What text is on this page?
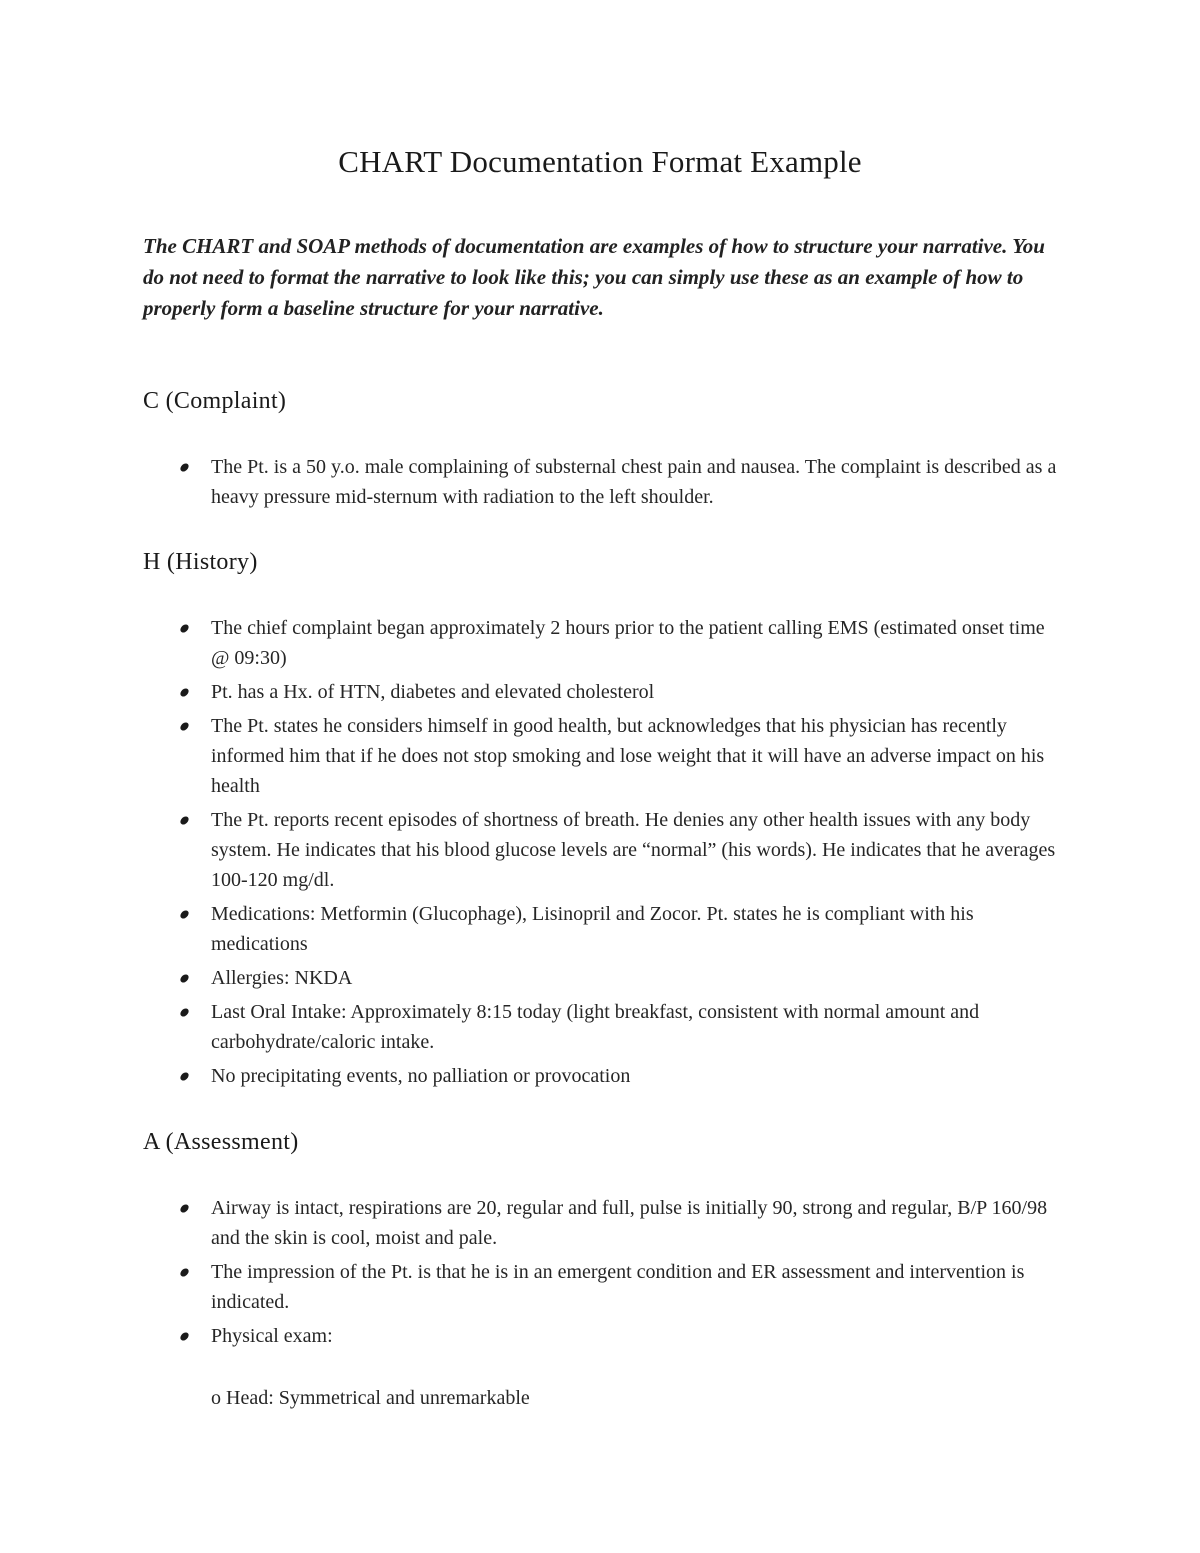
CHART Documentation Format Example

The CHART and SOAP methods of documentation are examples of how to structure your narrative. You do not need to format the narrative to look like this; you can simply use these as an example of how to properly form a baseline structure for your narrative.

C (Complaint)
The Pt. is a 50 y.o. male complaining of substernal chest pain and nausea. The complaint is described as a heavy pressure mid-sternum with radiation to the left shoulder.
H (History)
The chief complaint began approximately 2 hours prior to the patient calling EMS (estimated onset time @ 09:30)
Pt. has a Hx. of HTN, diabetes and elevated cholesterol
The Pt. states he considers himself in good health, but acknowledges that his physician has recently informed him that if he does not stop smoking and lose weight that it will have an adverse impact on his health
The Pt. reports recent episodes of shortness of breath. He denies any other health issues with any body system. He indicates that his blood glucose levels are “normal” (his words). He indicates that he averages 100-120 mg/dl.
Medications: Metformin (Glucophage), Lisinopril and Zocor. Pt. states he is compliant with his medications
Allergies: NKDA
Last Oral Intake: Approximately 8:15 today (light breakfast, consistent with normal amount and carbohydrate/caloric intake.
No precipitating events, no palliation or provocation
A (Assessment)
Airway is intact, respirations are 20, regular and full, pulse is initially 90, strong and regular, B/P 160/98 and the skin is cool, moist and pale.
The impression of the Pt. is that he is in an emergent condition and ER assessment and intervention is indicated.
Physical exam:

o Head: Symmetrical and unremarkable
